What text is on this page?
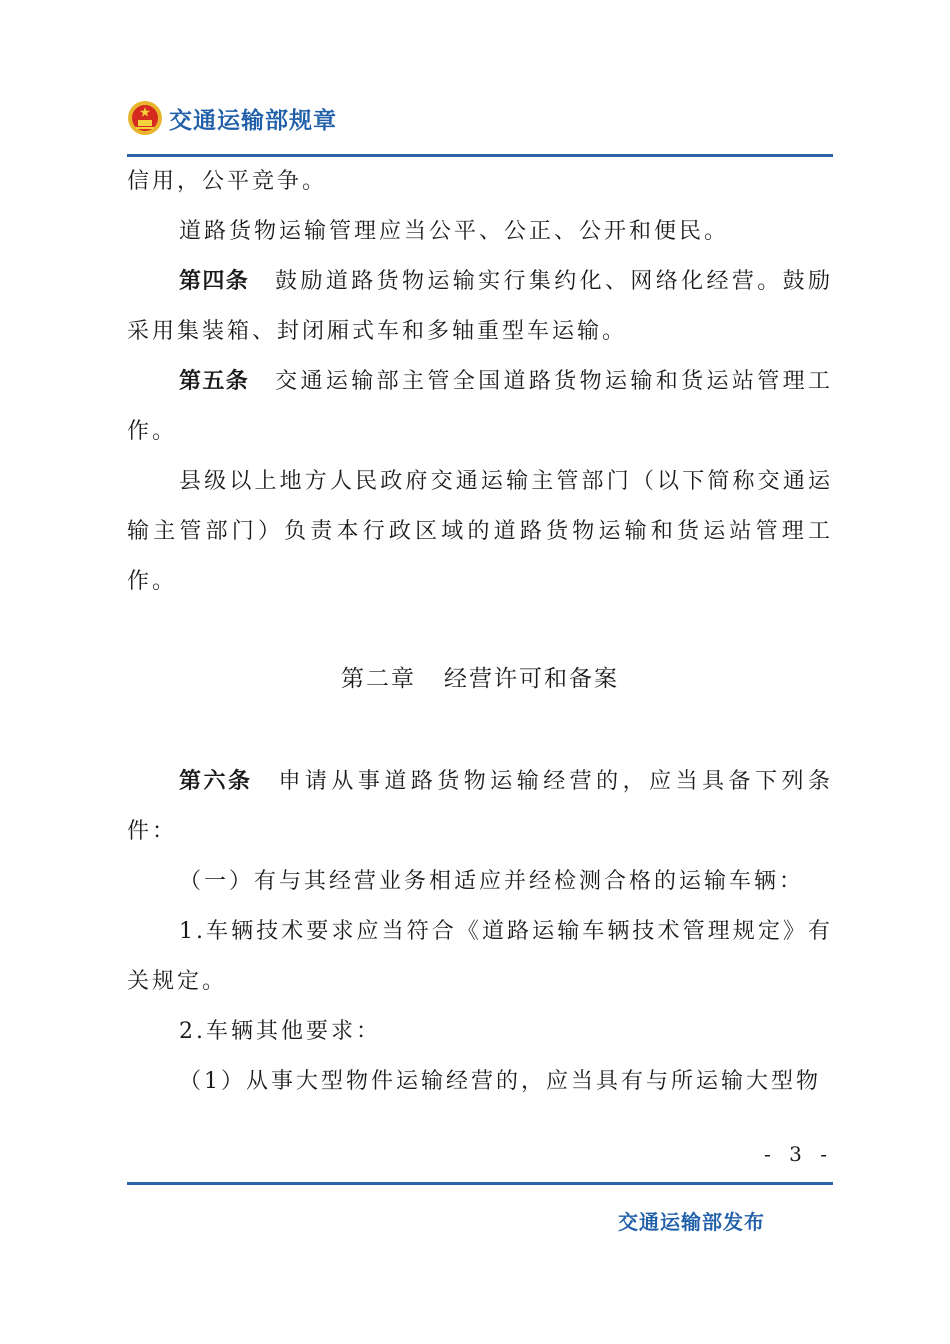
交通运输部规章

信用，公平竞争。

道路货物运输管理应当公平、公正、公开和便民。

第四条 鼓励道路货物运输实行集约化、网络化经营。鼓励采用集装箱、封闭厢式车和多轴重型车运输。

第五条 交通运输部主管全国道路货物运输和货运站管理工作。

县级以上地方人民政府交通运输主管部门（以下简称交通运输主管部门）负责本行政区域的道路货物运输和货运站管理工作。

第二章 经营许可和备案

第六条 申请从事道路货物运输经营的，应当具备下列条件：

（一）有与其经营业务相适应并经检测合格的运输车辆：

1.车辆技术要求应当符合《道路运输车辆技术管理规定》有关规定。

2.车辆其他要求：

（1）从事大型物件运输经营的，应当具有与所运输大型物

- 3 -
交通运输部发布
